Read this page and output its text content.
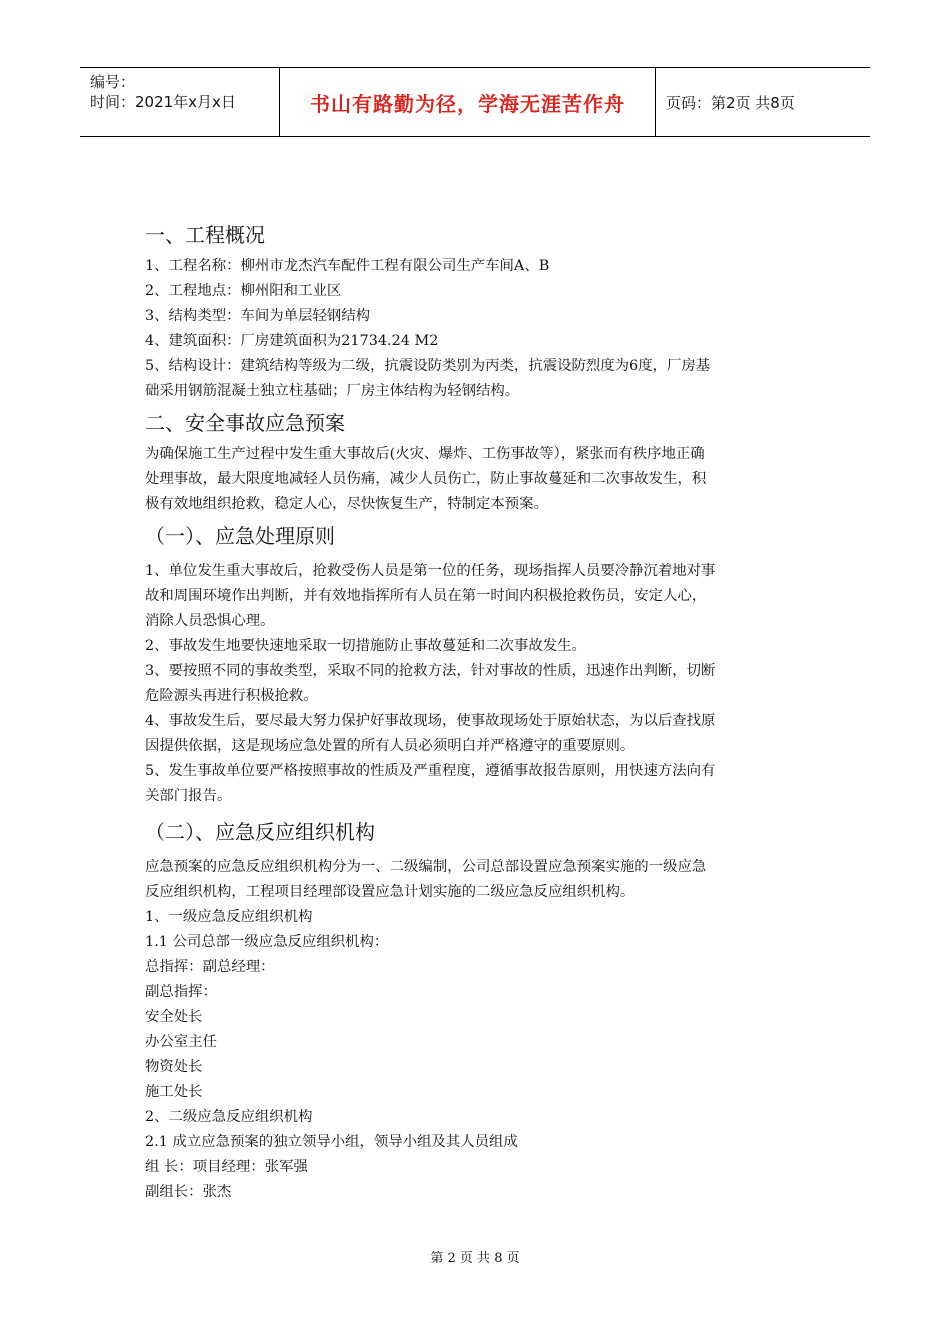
编号：
时间：2021年x月x日	书山有路勤为径，学海无涯苦作舟	页码：第2页 共8页
一、工程概况
1、工程名称：柳州市龙杰汽车配件工程有限公司生产车间A、B
2、工程地点：柳州阳和工业区
3、结构类型：车间为单层轻钢结构
4、建筑面积：厂房建筑面积为21734.24 M2
5、结构设计：建筑结构等级为二级，抗震设防类别为丙类，抗震设防烈度为6度，厂房基
础采用钢筋混凝土独立柱基础；厂房主体结构为轻钢结构。
二、安全事故应急预案
为确保施工生产过程中发生重大事故后(火灾、爆炸、工伤事故等），紧张而有秩序地正确
处理事故，最大限度地减轻人员伤痛，减少人员伤亡，防止事故蔓延和二次事故发生，积
极有效地组织抢救，稳定人心，尽快恢复生产，特制定本预案。
（一）、应急处理原则
1、单位发生重大事故后，抢救受伤人员是第一位的任务，现场指挥人员要冷静沉着地对事
故和周围环境作出判断，并有效地指挥所有人员在第一时间内积极抢救伤员，安定人心，
消除人员恐惧心理。
2、事故发生地要快速地采取一切措施防止事故蔓延和二次事故发生。
3、要按照不同的事故类型，采取不同的抢救方法，针对事故的性质，迅速作出判断，切断
危险源头再进行积极抢救。
4、事故发生后，要尽最大努力保护好事故现场，使事故现场处于原始状态，为以后查找原
因提供依据，这是现场应急处置的所有人员必须明白并严格遵守的重要原则。
5、发生事故单位要严格按照事故的性质及严重程度，遵循事故报告原则，用快速方法向有
关部门报告。
（二）、应急反应组织机构
应急预案的应急反应组织机构分为一、二级编制，公司总部设置应急预案实施的一级应急
反应组织机构，工程项目经理部设置应急计划实施的二级应急反应组织机构。
1、一级应急反应组织机构
1.1 公司总部一级应急反应组织机构：
总指挥：副总经理：
副总指挥：
安全处长
办公室主任
物资处长
施工处长
2、二级应急反应组织机构
2.1 成立应急预案的独立领导小组，领导小组及其人员组成
组 长：项目经理：张军强
副组长：张杰
第 2 页 共 8 页
